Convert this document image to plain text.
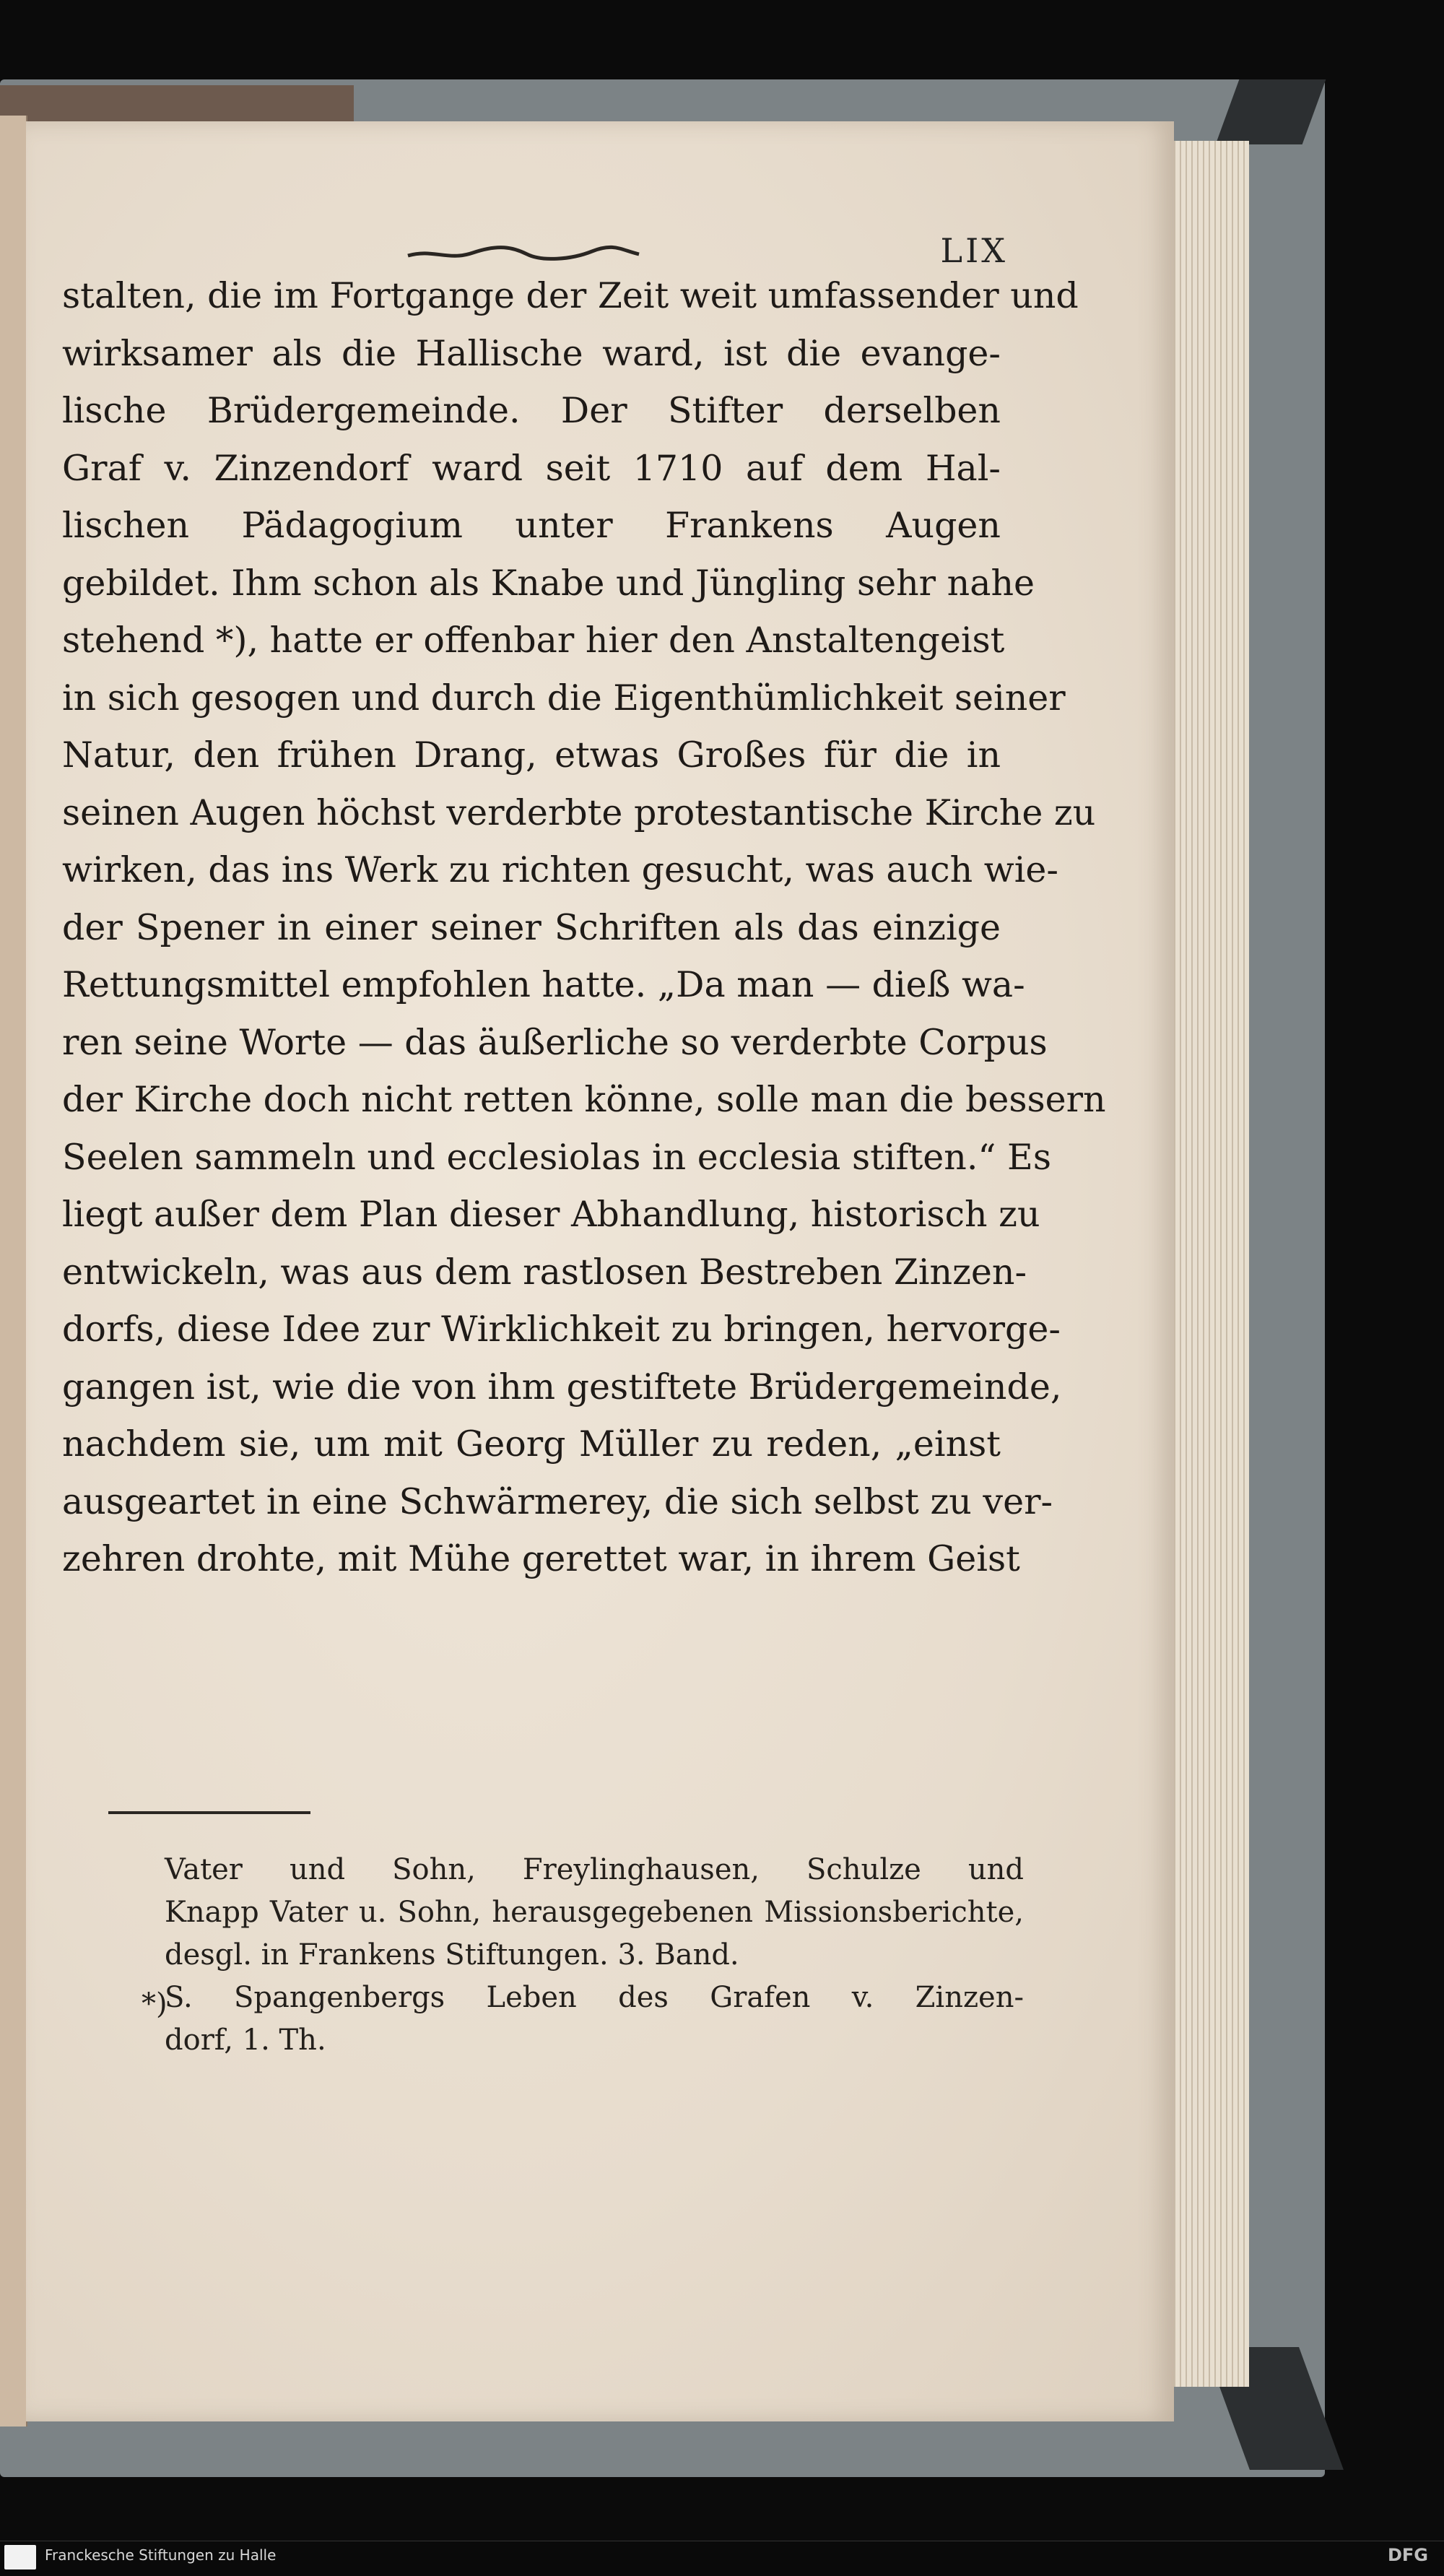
LIX
stalten, die im Fortgange der Zeit weit umfassender und
wirksamer als die Hallische ward, ist die evange-
lische Brüdergemeinde. Der Stifter derselben
Graf v. Zinzendorf ward seit 1710 auf dem Hal-
lischen Pädagogium unter Frankens Augen
gebildet. Ihm schon als Knabe und Jüngling sehr nahe
stehend *), hatte er offenbar hier den Anstaltengeist
in sich gesogen und durch die Eigenthümlichkeit seiner
Natur, den frühen Drang, etwas Großes für die in
seinen Augen höchst verderbte protestantische Kirche zu
wirken, das ins Werk zu richten gesucht, was auch wie-
der Spener in einer seiner Schriften als das einzige
Rettungsmittel empfohlen hatte. „Da man — dieß wa-
ren seine Worte — das äußerliche so verderbte Corpus
der Kirche doch nicht retten könne, solle man die bessern
Seelen sammeln und ecclesiolas in ecclesia stiften.“ Es
liegt außer dem Plan dieser Abhandlung, historisch zu
entwickeln, was aus dem rastlosen Bestreben Zinzen-
dorfs, diese Idee zur Wirklichkeit zu bringen, hervorge-
gangen ist, wie die von ihm gestiftete Brüdergemeinde,
nachdem sie, um mit Georg Müller zu reden, „einst
ausgeartet in eine Schwärmerey, die sich selbst zu ver-
zehren drohte, mit Mühe gerettet war, in ihrem Geist
Vater und Sohn, Freylinghausen, Schulze und
Knapp Vater u. Sohn, herausgegebenen Missionsberichte,
desgl. in Frankens Stiftungen. 3. Band.
S. Spangenbergs Leben des Grafen v. Zinzen-
dorf, 1. Th.
*)
Franckesche Stiftungen zu Halle	DFG
